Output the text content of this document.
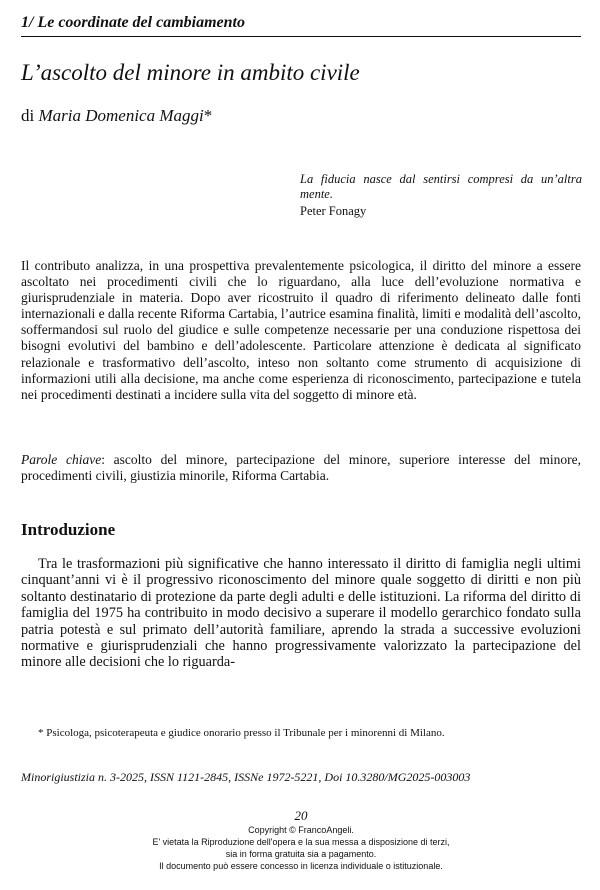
1/ Le coordinate del cambiamento
L’ascolto del minore in ambito civile
di Maria Domenica Maggi*
La fiducia nasce dal sentirsi compresi da un’altra mente.
Peter Fonagy

Il contributo analizza, in una prospettiva prevalentemente psicologica, il diritto del minore a essere ascoltato nei procedimenti civili che lo riguardano, alla luce dell’evoluzione normativa e giurisprudenziale in materia. Dopo aver ricostruito il quadro di riferimento delineato dalle fonti internazionali e dalla recente Riforma Cartabia, l’autrice esamina finalità, limiti e modalità dell’ascolto, soffermandosi sul ruolo del giudice e sulle competenze necessarie per una conduzione rispettosa dei bisogni evolutivi del bambino e dell’adolescente. Particolare attenzione è dedicata al significato relazionale e trasformativo dell’ascolto, inteso non soltanto come strumento di acquisizione di informazioni utili alla decisione, ma anche come esperienza di riconoscimento, partecipazione e tutela nei procedimenti destinati a incidere sulla vita del soggetto di minore età.

Parole chiave: ascolto del minore, partecipazione del minore, superiore interesse del minore, procedimenti civili, giustizia minorile, Riforma Cartabia.

Introduzione

Tra le trasformazioni più significative che hanno interessato il diritto di famiglia negli ultimi cinquant’anni vi è il progressivo riconoscimento del minore quale soggetto di diritti e non più soltanto destinatario di protezione da parte degli adulti e delle istituzioni. La riforma del diritto di famiglia del 1975 ha contribuito in modo decisivo a superare il modello gerarchico fondato sulla patria potestà e sul primato dell’autorità familiare, aprendo la strada a successive evoluzioni normative e giurisprudenziali che hanno progressivamente valorizzato la partecipazione del minore alle decisioni che lo riguarda-

* Psicologa, psicoterapeuta e giudice onorario presso il Tribunale per i minorenni di Milano.
Minorigiustizia n. 3-2025, ISSN 1121-2845, ISSNe 1972-5221, Doi 10.3280/MG2025-003003
20
Copyright © FrancoAngeli.
E' vietata la Riproduzione dell'opera e la sua messa a disposizione di terzi,
sia in forma gratuita sia a pagamento.
Il documento può essere concesso in licenza individuale o istituzionale.
